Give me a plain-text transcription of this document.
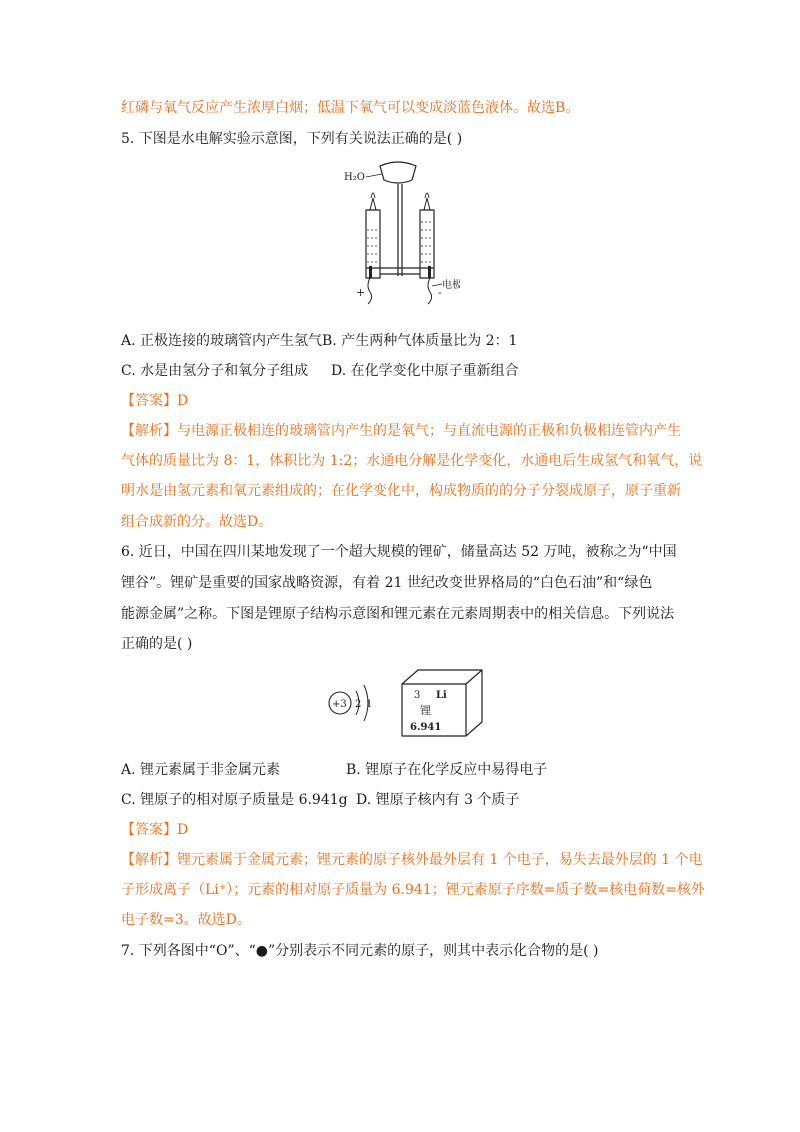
红磷与氧气反应产生浓厚白烟；低温下氧气可以变成淡蓝色液体。故选B。
5. 下图是水电解实验示意图，下列有关说法正确的是( )
H₂O
+	-
电极
A. 正极连接的玻璃管内产生氢气B. 产生两种气体质量比为 2：1
C. 水是由氢分子和氧分子组成 D. 在化学变化中原子重新组合
【答案】D
【解析】与电源正极相连的玻璃管内产生的是氧气；与直流电源的正极和负极相连管内产生
气体的质量比为 8：1，体积比为 1:2；水通电分解是化学变化，水通电后生成氢气和氧气，说
明水是由氢元素和氧元素组成的；在化学变化中，构成物质的的分子分裂成原子，原子重新
组合成新的分。故选D。
6. 近日，中国在四川某地发现了一个超大规模的锂矿，储量高达 52 万吨，被称之为“中国
锂谷”。锂矿是重要的国家战略资源，有着 21 世纪改变世界格局的“白色石油”和“绿色
能源金属”之称。下图是锂原子结构示意图和锂元素在元素周期表中的相关信息。下列说法
正确的是( )
+3 2 1
3 Li
锂
6.941
A. 锂元素属于非金属元素	B. 锂原子在化学反应中易得电子
C. 锂原子的相对原子质量是 6.941g D. 锂原子核内有 3 个质子
【答案】D
【解析】锂元素属于金属元素；锂元素的原子核外最外层有 1 个电子，易失去最外层的 1 个电
子形成离子（Li⁺）；元素的相对原子质量为 6.941；锂元素原子序数=质子数=核电荷数=核外
电子数=3。故选D。
7. 下列各图中“O”、“●”分别表示不同元素的原子，则其中表示化合物的是( )
